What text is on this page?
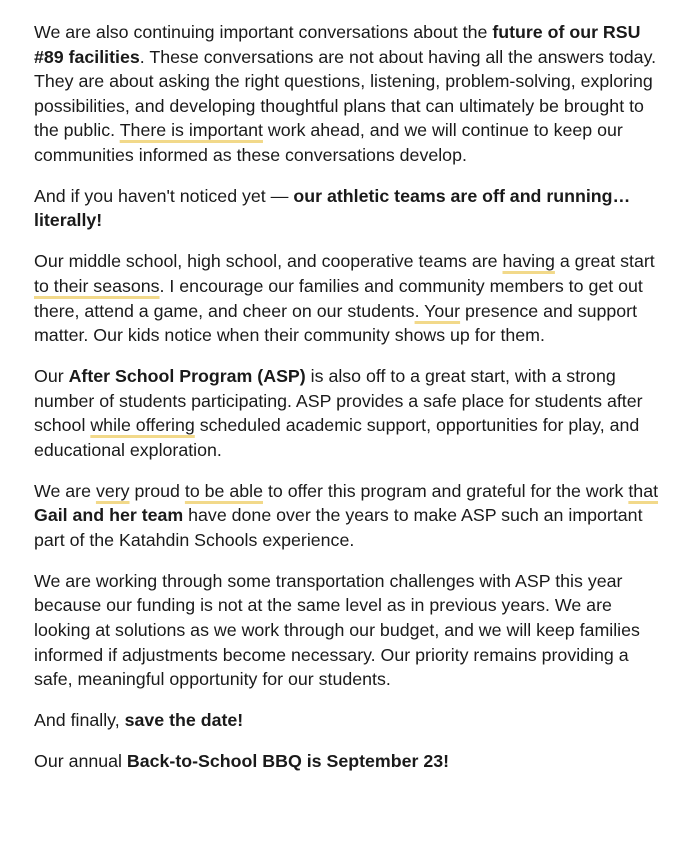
We are also continuing important conversations about the future of our RSU #89 facilities. These conversations are not about having all the answers today. They are about asking the right questions, listening, problem-solving, exploring possibilities, and developing thoughtful plans that can ultimately be brought to the public. There is important work ahead, and we will continue to keep our communities informed as these conversations develop.

And if you haven't noticed yet — our athletic teams are off and running… literally!

Our middle school, high school, and cooperative teams are having a great start to their seasons. I encourage our families and community members to get out there, attend a game, and cheer on our students. Your presence and support matter. Our kids notice when their community shows up for them.

Our After School Program (ASP) is also off to a great start, with a strong number of students participating. ASP provides a safe place for students after school while offering scheduled academic support, opportunities for play, and educational exploration.

We are very proud to be able to offer this program and grateful for the work that Gail and her team have done over the years to make ASP such an important part of the Katahdin Schools experience.

We are working through some transportation challenges with ASP this year because our funding is not at the same level as in previous years. We are looking at solutions as we work through our budget, and we will keep families informed if adjustments become necessary. Our priority remains providing a safe, meaningful opportunity for our students.

And finally, save the date!

Our annual Back-to-School BBQ is September 23!
